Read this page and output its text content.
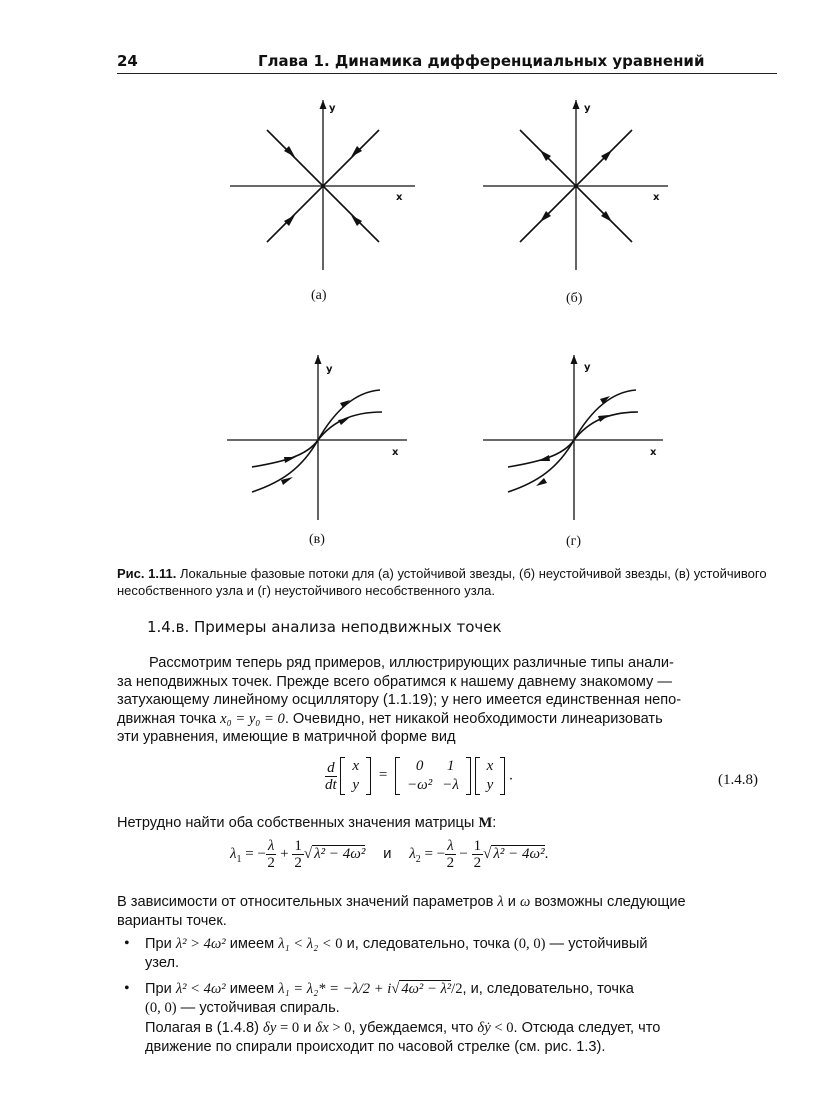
24	Глава 1. Динамика дифференциальных уравнений
y
x
y
x
(а)	(б)
y
x
y
x
(в)	(г)
Рис. 1.11. Локальные фазовые потоки для (а) устойчивой звезды, (б) неустойчивой звезды, (в) устойчивого несобственного узла и (г) неустойчивого несобственного узла.
1.4.в. Примеры анализа неподвижных точек
Рассмотрим теперь ряд примеров, иллюстрирующих различные типы анали-
за неподвижных точек. Прежде всего обратимся к нашему давнему знакомому —
затухающему линейному осциллятору (1.1.19); у него имеется единственная непо-
движная точка x₀ = y₀ = 0. Очевидно, нет никакой необходимости линеаризовать
эти уравнения, имеющие в матричной форме вид
$\frac{d}{dt}$
x
y
=
0	1
−ω²	−λ

x
y
.	(1.4.8)
Нетрудно найти оба собственных значения матрицы M:
$\lambda_1$ = − $\frac{\lambda}{2} + \frac{1}{2}$ √ λ² − 4ω² и $\lambda_2$ = − $\frac{\lambda}{2} - \frac{1}{2}$ √ λ² − 4ω².
В зависимости от относительных значений параметров λ и ω возможны следующие
варианты точек.
• При λ² > 4ω² имеем λ₁ < λ₂ < 0 и, следовательно, точка (0, 0) — устойчивый
узел.
• При λ² < 4ω² имеем λ₁ = λ₂* = −λ/2 + i√ 4ω² − λ²/2, и, следовательно, точка
(0, 0) — устойчивая спираль.
Полагая в (1.4.8) δy = 0 и δx > 0, убеждаемся, что δẏ < 0. Отсюда следует, что
движение по спирали происходит по часовой стрелке (см. рис. 1.3).
